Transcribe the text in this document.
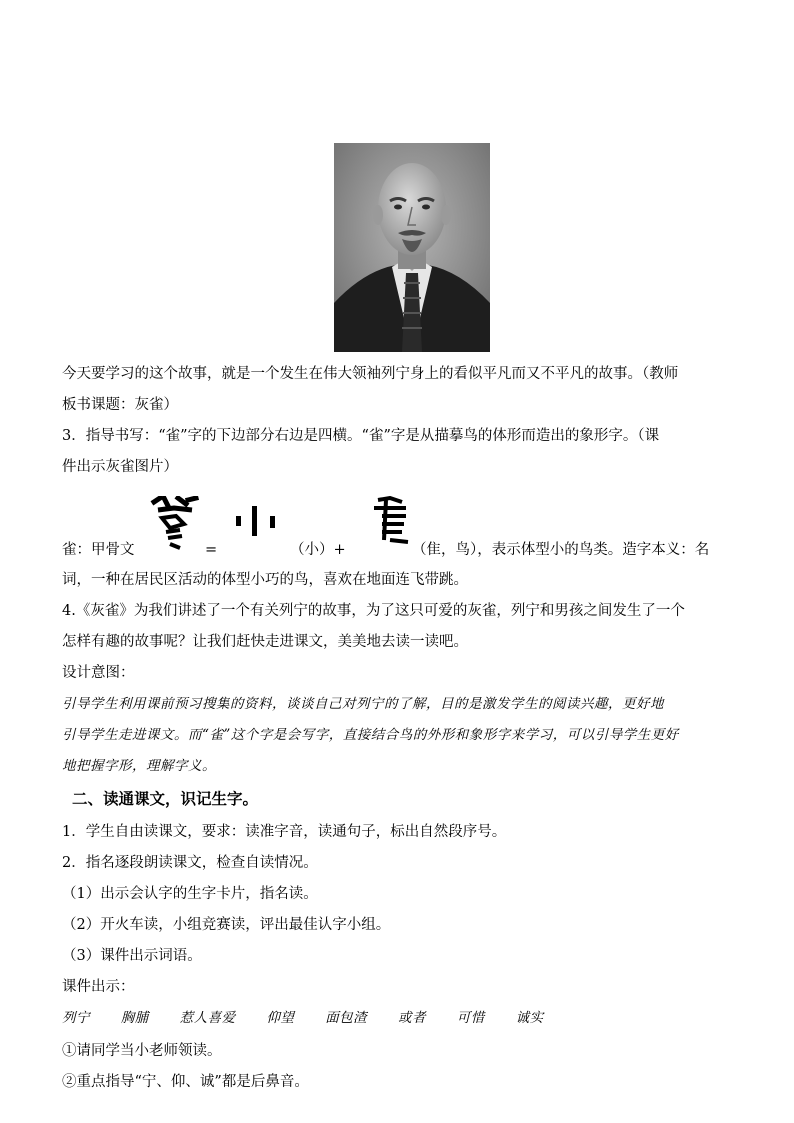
今天要学习的这个故事，就是一个发生在伟大领袖列宁身上的看似平凡而又不平凡的故事。（教师
板书课题：灰雀）
3．指导书写：“雀”字的下边部分右边是四横。“雀”字是从描摹鸟的体形而造出的象形字。（课
件出示灰雀图片）
雀：甲骨文	=	（小）+	（隹，鸟），表示体型小的鸟类。造字本义：名
词，一种在居民区活动的体型小巧的鸟，喜欢在地面连飞带跳。
4.《灰雀》为我们讲述了一个有关列宁的故事，为了这只可爱的灰雀，列宁和男孩之间发生了一个
怎样有趣的故事呢？让我们赶快走进课文，美美地去读一读吧。
设计意图：
引导学生利用课前预习搜集的资料，谈谈自己对列宁的了解，目的是激发学生的阅读兴趣，更好地
引导学生走进课文。而“雀”这个字是会写字，直接结合鸟的外形和象形字来学习，可以引导学生更好
地把握字形，理解字义。
二、读通课文，识记生字。
1．学生自由读课文，要求：读准字音，读通句子，标出自然段序号。
2．指名逐段朗读课文，检查自读情况。
（1）出示会认字的生字卡片，指名读。
（2）开火车读，小组竞赛读，评出最佳认字小组。
（3）课件出示词语。
课件出示：
列宁 胸脯 惹人喜爱 仰望 面包渣 或者 可惜 诚实
①请同学当小老师领读。
②重点指导“宁、仰、诚”都是后鼻音。
